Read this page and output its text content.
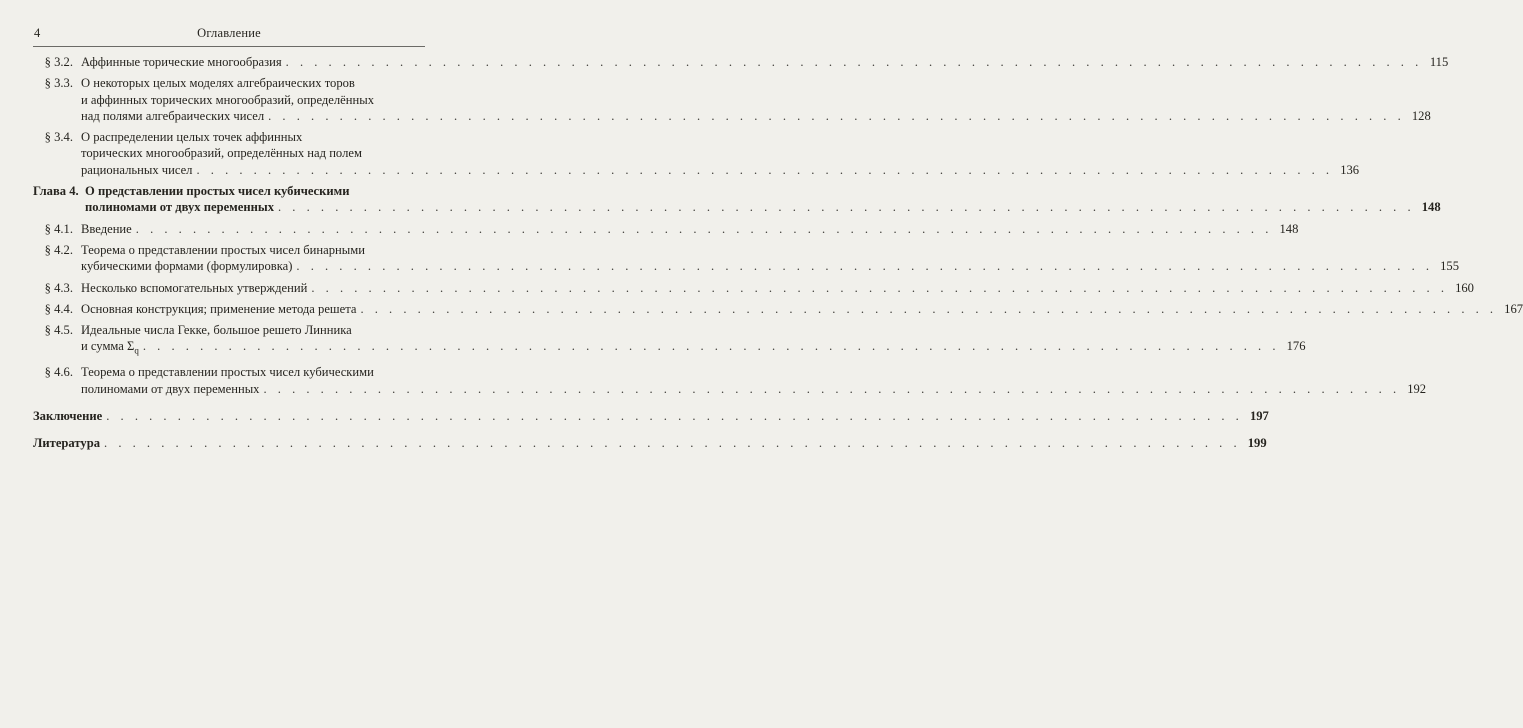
4	Оглавление
§ 3.2. Аффинные торические многообразия . . . . . . . . . . . . . . . . . . . . . . . . . . . . . . . . . . . . . . . . . . . . . . . . . . . . . . . . . . . . . . . . . . . . . . . . . . . . . . . . 115
§ 3.3. О некоторых целых моделях алгебраических торов
и аффинных торических многообразий, определённых
над полями алгебраических чисел . . . . . . . . . . . . . . . . . . . . . . . . . . . . . . . . . . . . . . . . . . . . . . . . . . . . . . . . . . . . . . . . . . . . . . . . . . . . . . . . 128
§ 3.4. О распределении целых точек аффинных
торических многообразий, определённых над полем
рациональных чисел . . . . . . . . . . . . . . . . . . . . . . . . . . . . . . . . . . . . . . . . . . . . . . . . . . . . . . . . . . . . . . . . . . . . . . . . . . . . . . . . 136
Глава 4. О представлении простых чисел кубическими
полиномами от двух переменных . . . . . . . . . . . . . . . . . . . . . . . . . . . . . . . . . . . . . . . . . . . . . . . . . . . . . . . . . . . . . . . . . . . . . . . . . . . . . . . . 148
§ 4.1. Введение . . . . . . . . . . . . . . . . . . . . . . . . . . . . . . . . . . . . . . . . . . . . . . . . . . . . . . . . . . . . . . . . . . . . . . . . . . . . . . . . 148
§ 4.2. Теорема о представлении простых чисел бинарными
кубическими формами (формулировка) . . . . . . . . . . . . . . . . . . . . . . . . . . . . . . . . . . . . . . . . . . . . . . . . . . . . . . . . . . . . . . . . . . . . . . . . . . . . . . . . 155
§ 4.3. Несколько вспомогательных утверждений . . . . . . . . . . . . . . . . . . . . . . . . . . . . . . . . . . . . . . . . . . . . . . . . . . . . . . . . . . . . . . . . . . . . . . . . . . . . . . . . 160
§ 4.4. Основная конструкция; применение метода решета . . . . . . . . . . . . . . . . . . . . . . . . . . . . . . . . . . . . . . . . . . . . . . . . . . . . . . . . . . . . . . . . . . . . . . . . . . . . . . . . 167
§ 4.5. Идеальные числа Гекке, большое решето Линника
и сумма $\Sigma_q$ . . . . . . . . . . . . . . . . . . . . . . . . . . . . . . . . . . . . . . . . . . . . . . . . . . . . . . . . . . . . . . . . . . . . . . . . . . . . . . . . 176
§ 4.6. Теорема о представлении простых чисел кубическими
полиномами от двух переменных . . . . . . . . . . . . . . . . . . . . . . . . . . . . . . . . . . . . . . . . . . . . . . . . . . . . . . . . . . . . . . . . . . . . . . . . . . . . . . . . 192
Заключение . . . . . . . . . . . . . . . . . . . . . . . . . . . . . . . . . . . . . . . . . . . . . . . . . . . . . . . . . . . . . . . . . . . . . . . . . . . . . . . . 197
Литература . . . . . . . . . . . . . . . . . . . . . . . . . . . . . . . . . . . . . . . . . . . . . . . . . . . . . . . . . . . . . . . . . . . . . . . . . . . . . . . . 199
